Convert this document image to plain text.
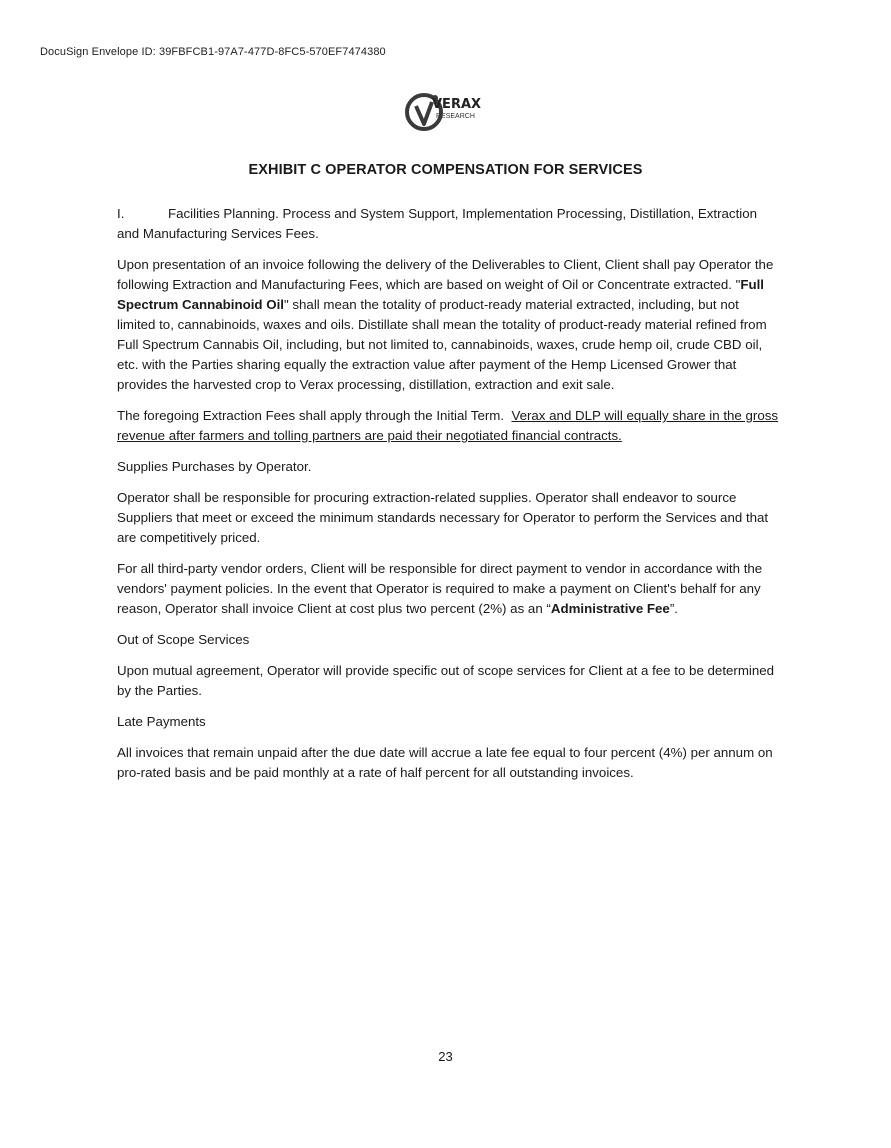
DocuSign Envelope ID: 39FBFCB1-97A7-477D-8FC5-570EF7474380
VERAX
RESEARCH
EXHIBIT C OPERATOR COMPENSATION FOR SERVICES

I.	Facilities Planning. Process and System Support, Implementation Processing, Distillation, Extraction and Manufacturing Services Fees.

Upon presentation of an invoice following the delivery of the Deliverables to Client, Client shall pay Operator the following Extraction and Manufacturing Fees, which are based on weight of Oil or Concentrate extracted. "Full Spectrum Cannabinoid Oil" shall mean the totality of product-ready material extracted, including, but not limited to, cannabinoids, waxes and oils. Distillate shall mean the totality of product-ready material refined from Full Spectrum Cannabis Oil, including, but not limited to, cannabinoids, waxes, crude hemp oil, crude CBD oil, etc. with the Parties sharing equally the extraction value after payment of the Hemp Licensed Grower that provides the harvested crop to Verax processing, distillation, extraction and exit sale.

The foregoing Extraction Fees shall apply through the Initial Term. Verax and DLP will equally share in the gross revenue after farmers and tolling partners are paid their negotiated financial contracts.

Supplies Purchases by Operator.

Operator shall be responsible for procuring extraction-related supplies. Operator shall endeavor to source Suppliers that meet or exceed the minimum standards necessary for Operator to perform the Services and that are competitively priced.

For all third-party vendor orders, Client will be responsible for direct payment to vendor in accordance with the vendors' payment policies. In the event that Operator is required to make a payment on Client's behalf for any reason, Operator shall invoice Client at cost plus two percent (2%) as an “Administrative Fee”.

Out of Scope Services

Upon mutual agreement, Operator will provide specific out of scope services for Client at a fee to be determined by the Parties.

Late Payments

All invoices that remain unpaid after the due date will accrue a late fee equal to four percent (4%) per annum on pro-rated basis and be paid monthly at a rate of half percent for all outstanding invoices.

23
